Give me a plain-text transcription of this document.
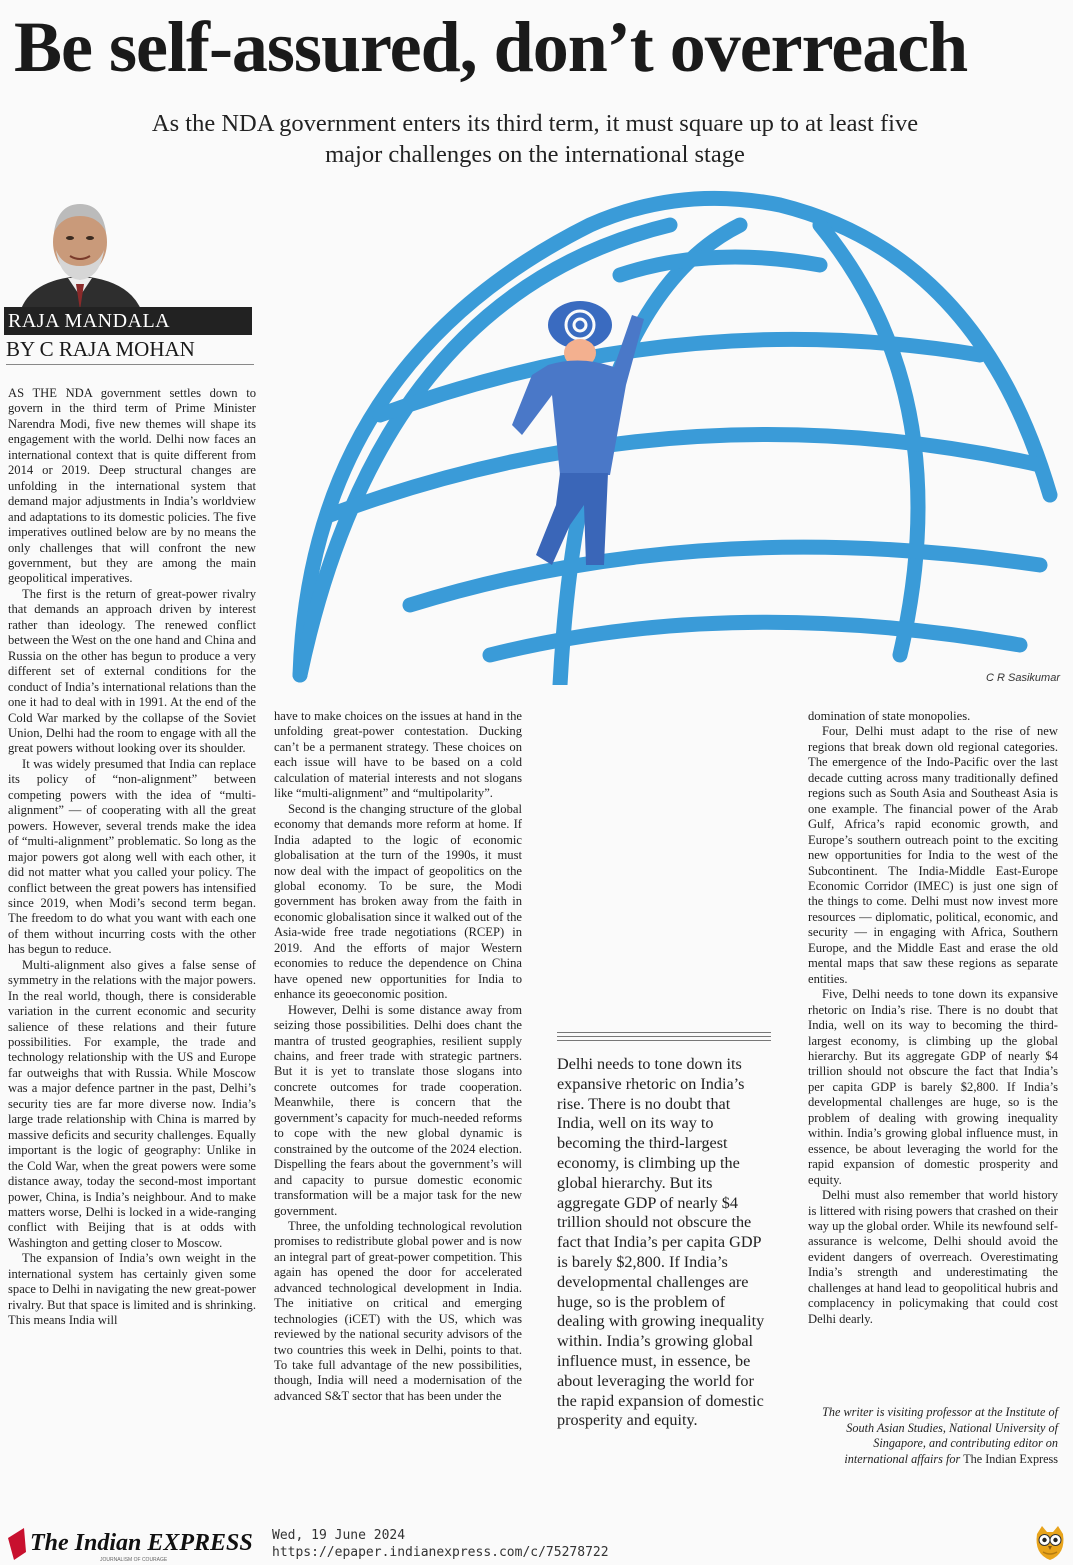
Be self-assured, don’t overreach
As the NDA government enters its third term, it must square up to at least five major challenges on the international stage
RAJA MANDALA
BY C RAJA MOHAN
C R Sasikumar

AS THE NDA government settles down to govern in the third term of Prime Minister Narendra Modi, five new themes will shape its engagement with the world. Delhi now faces an international context that is quite different from 2014 or 2019. Deep structural changes are unfolding in the international system that demand major adjustments in India’s worldview and adaptations to its domestic policies. The five imperatives outlined below are by no means the only challenges that will confront the new government, but they are among the main geopolitical imperatives.

The first is the return of great-power rivalry that demands an approach driven by interest rather than ideology. The renewed conflict between the West on the one hand and China and Russia on the other has begun to produce a very different set of external conditions for the conduct of India’s international relations than the one it had to deal with in 1991. At the end of the Cold War marked by the collapse of the Soviet Union, Delhi had the room to engage with all the great powers without looking over its shoulder.

It was widely presumed that India can replace its policy of “non-alignment” between competing powers with the idea of “multi-alignment” — of cooperating with all the great powers. However, several trends make the idea of “multi-alignment” problematic. So long as the major powers got along well with each other, it did not matter what you called your policy. The conflict between the great powers has intensified since 2019, when Modi’s second term began. The freedom to do what you want with each one of them without incurring costs with the other has begun to reduce.

Multi-alignment also gives a false sense of symmetry in the relations with the major powers. In the real world, though, there is considerable variation in the current economic and security salience of these relations and their future possibilities. For example, the trade and technology relationship with the US and Europe far outweighs that with Russia. While Moscow was a major defence partner in the past, Delhi’s security ties are far more diverse now. India’s large trade relationship with China is marred by massive deficits and security challenges. Equally important is the logic of geography: Unlike in the Cold War, when the great powers were some distance away, today the second-most important power, China, is India’s neighbour. And to make matters worse, Delhi is locked in a wide-ranging conflict with Beijing that is at odds with Washington and getting closer to Moscow.

The expansion of India’s own weight in the international system has certainly given some space to Delhi in navigating the new great-power rivalry. But that space is limited and is shrinking. This means India will

have to make choices on the issues at hand in the unfolding great-power contestation. Ducking can’t be a permanent strategy. These choices on each issue will have to be based on a cold calculation of material interests and not slogans like “multi-alignment” and “multipolarity”.

Second is the changing structure of the global economy that demands more reform at home. If India adapted to the logic of economic globalisation at the turn of the 1990s, it must now deal with the impact of geopolitics on the global economy. To be sure, the Modi government has broken away from the faith in economic globalisation since it walked out of the Asia-wide free trade negotiations (RCEP) in 2019. And the efforts of major Western economies to reduce the dependence on China have opened new opportunities for India to enhance its geoeconomic position.

However, Delhi is some distance away from seizing those possibilities. Delhi does chant the mantra of trusted geographies, resilient supply chains, and freer trade with strategic partners. But it is yet to translate those slogans into concrete outcomes for trade cooperation. Meanwhile, there is concern that the government’s capacity for much-needed reforms to cope with the new global dynamic is constrained by the outcome of the 2024 election. Dispelling the fears about the government’s will and capacity to pursue domestic economic transformation will be a major task for the new government.

Three, the unfolding technological revolution promises to redistribute global power and is now an integral part of great-power competition. This again has opened the door for accelerated advanced technological development in India. The initiative on critical and emerging technologies (iCET) with the US, which was reviewed by the national security advisors of the two countries this week in Delhi, points to that. To take full advantage of the new possibilities, though, India will need a modernisation of the advanced S&T sector that has been under the

Delhi needs to tone down its expansive rhetoric on India’s rise. There is no doubt that India, well on its way to becoming the third-largest economy, is climbing up the global hierarchy. But its aggregate GDP of nearly $4 trillion should not obscure the fact that India’s per capita GDP is barely $2,800. If India’s developmental challenges are huge, so is the problem of dealing with growing inequality within. India’s growing global influence must, in essence, be about leveraging the world for the rapid expansion of domestic prosperity and equity.

domination of state monopolies.

Four, Delhi must adapt to the rise of new regions that break down old regional categories. The emergence of the Indo-Pacific over the last decade cutting across many traditionally defined regions such as South Asia and Southeast Asia is one example. The financial power of the Arab Gulf, Africa’s rapid economic growth, and Europe’s southern outreach point to the exciting new opportunities for India to the west of the Subcontinent. The India-Middle East-Europe Economic Corridor (IMEC) is just one sign of the things to come. Delhi must now invest more resources — diplomatic, political, economic, and security — in engaging with Africa, Southern Europe, and the Middle East and erase the old mental maps that saw these regions as separate entities.

Five, Delhi needs to tone down its expansive rhetoric on India’s rise. There is no doubt that India, well on its way to becoming the third-largest economy, is climbing up the global hierarchy. But its aggregate GDP of nearly $4 trillion should not obscure the fact that India’s per capita GDP is barely $2,800. If India’s developmental challenges are huge, so is the problem of dealing with growing inequality within. India’s growing global influence must, in essence, be about leveraging the world for the rapid expansion of domestic prosperity and equity.

Delhi must also remember that world history is littered with rising powers that crashed on their way up the global order. While its newfound self-assurance is welcome, Delhi should avoid the evident dangers of overreach. Overestimating India’s strength and underestimating the challenges at hand lead to geopolitical hubris and complacency in policymaking that could cost Delhi dearly.

The writer is visiting professor at the Institute of South Asian Studies, National University of Singapore, and contributing editor on international affairs for The Indian Express
The Indian EXPRESS
JOURNALISM OF COURAGE
Wed, 19 June 2024
https://epaper.indianexpress.com/c/75278722
